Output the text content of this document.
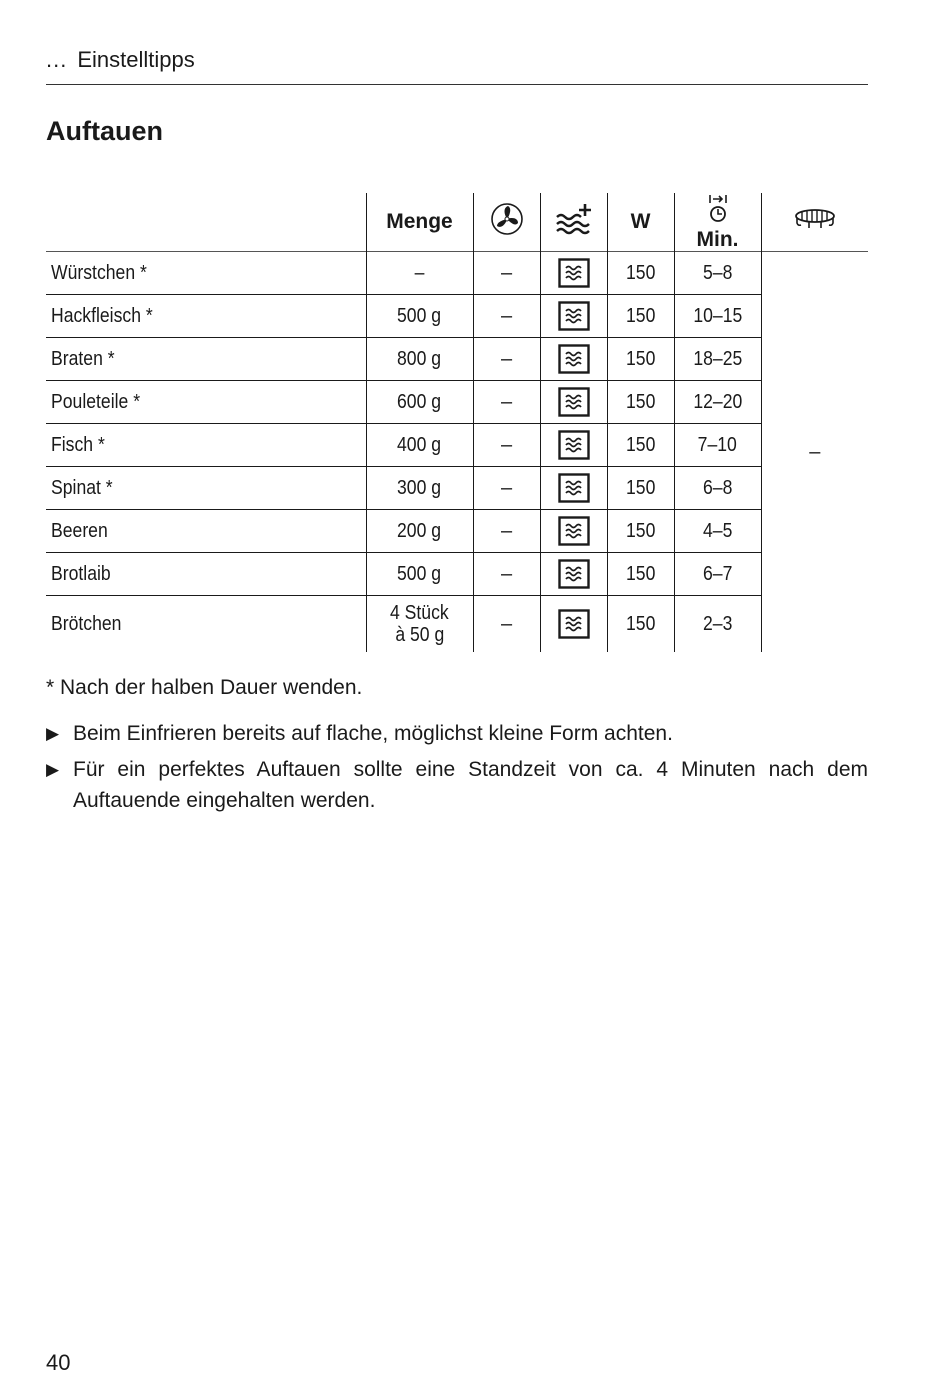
... Einstelltipps
Auftauen
	Menge			W	Min.

Würstchen *	–	–		150	5–8	–
Hackfleisch *	500 g	–		150	10–15	
Braten *	800 g	–		150	18–25	
Pouleteile *	600 g	–		150	12–20	
Fisch *	400 g	–		150	7–10	
Spinat *	300 g	–		150	6–8	
Beeren	200 g	–		150	4–5	
Brotlaib	500 g	–		150	6–7	
Brötchen	4 Stück
à 50 g	–		150	2–3	
* Nach der halben Dauer wenden.
▶ Beim Einfrieren bereits auf flache, möglichst kleine Form achten.
▶ Für ein perfektes Auftauen sollte eine Standzeit von ca. 4 Minuten nach dem Auftauende eingehalten werden.
40
